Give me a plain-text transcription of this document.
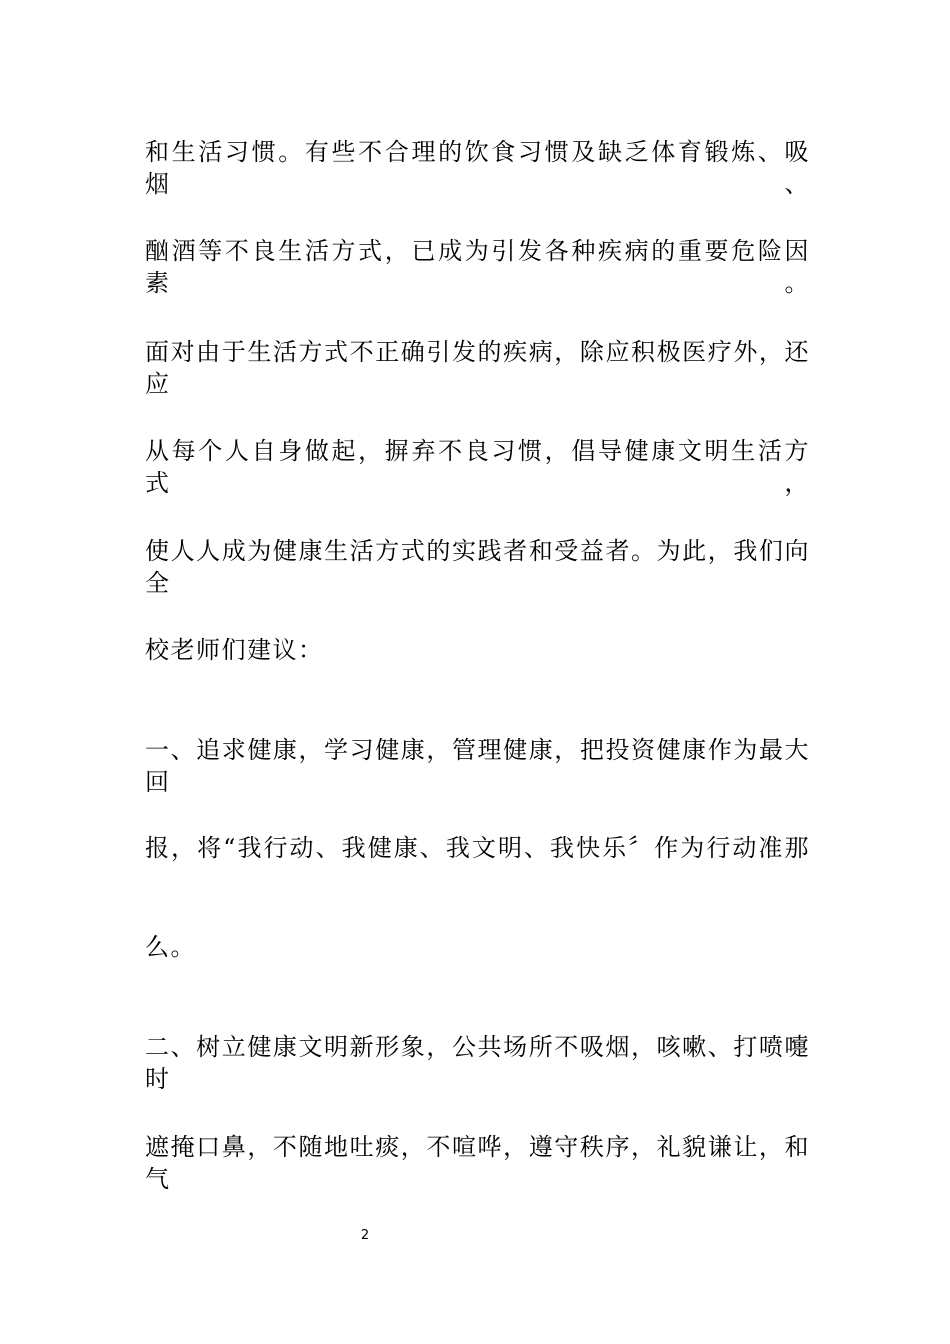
和生活习惯。有些不合理的饮食习惯及缺乏体育锻炼、吸烟、
酗酒等不良生活方式，已成为引发各种疾病的重要危险因素。
面对由于生活方式不正确引发的疾病，除应积极医疗外，还应
从每个人自身做起，摒弃不良习惯，倡导健康文明生活方式，
使人人成为健康生活方式的实践者和受益者。为此，我们向全
校老师们建议：
一、追求健康，学习健康，管理健康，把投资健康作为最大回
报，将“我行动、我健康、我文明、我快乐〞作为行动准那
么。
二、树立健康文明新形象，公共场所不吸烟，咳嗽、打喷嚏时
遮掩口鼻，不随地吐痰，不喧哗，遵守秩序，礼貌谦让，和气
2
